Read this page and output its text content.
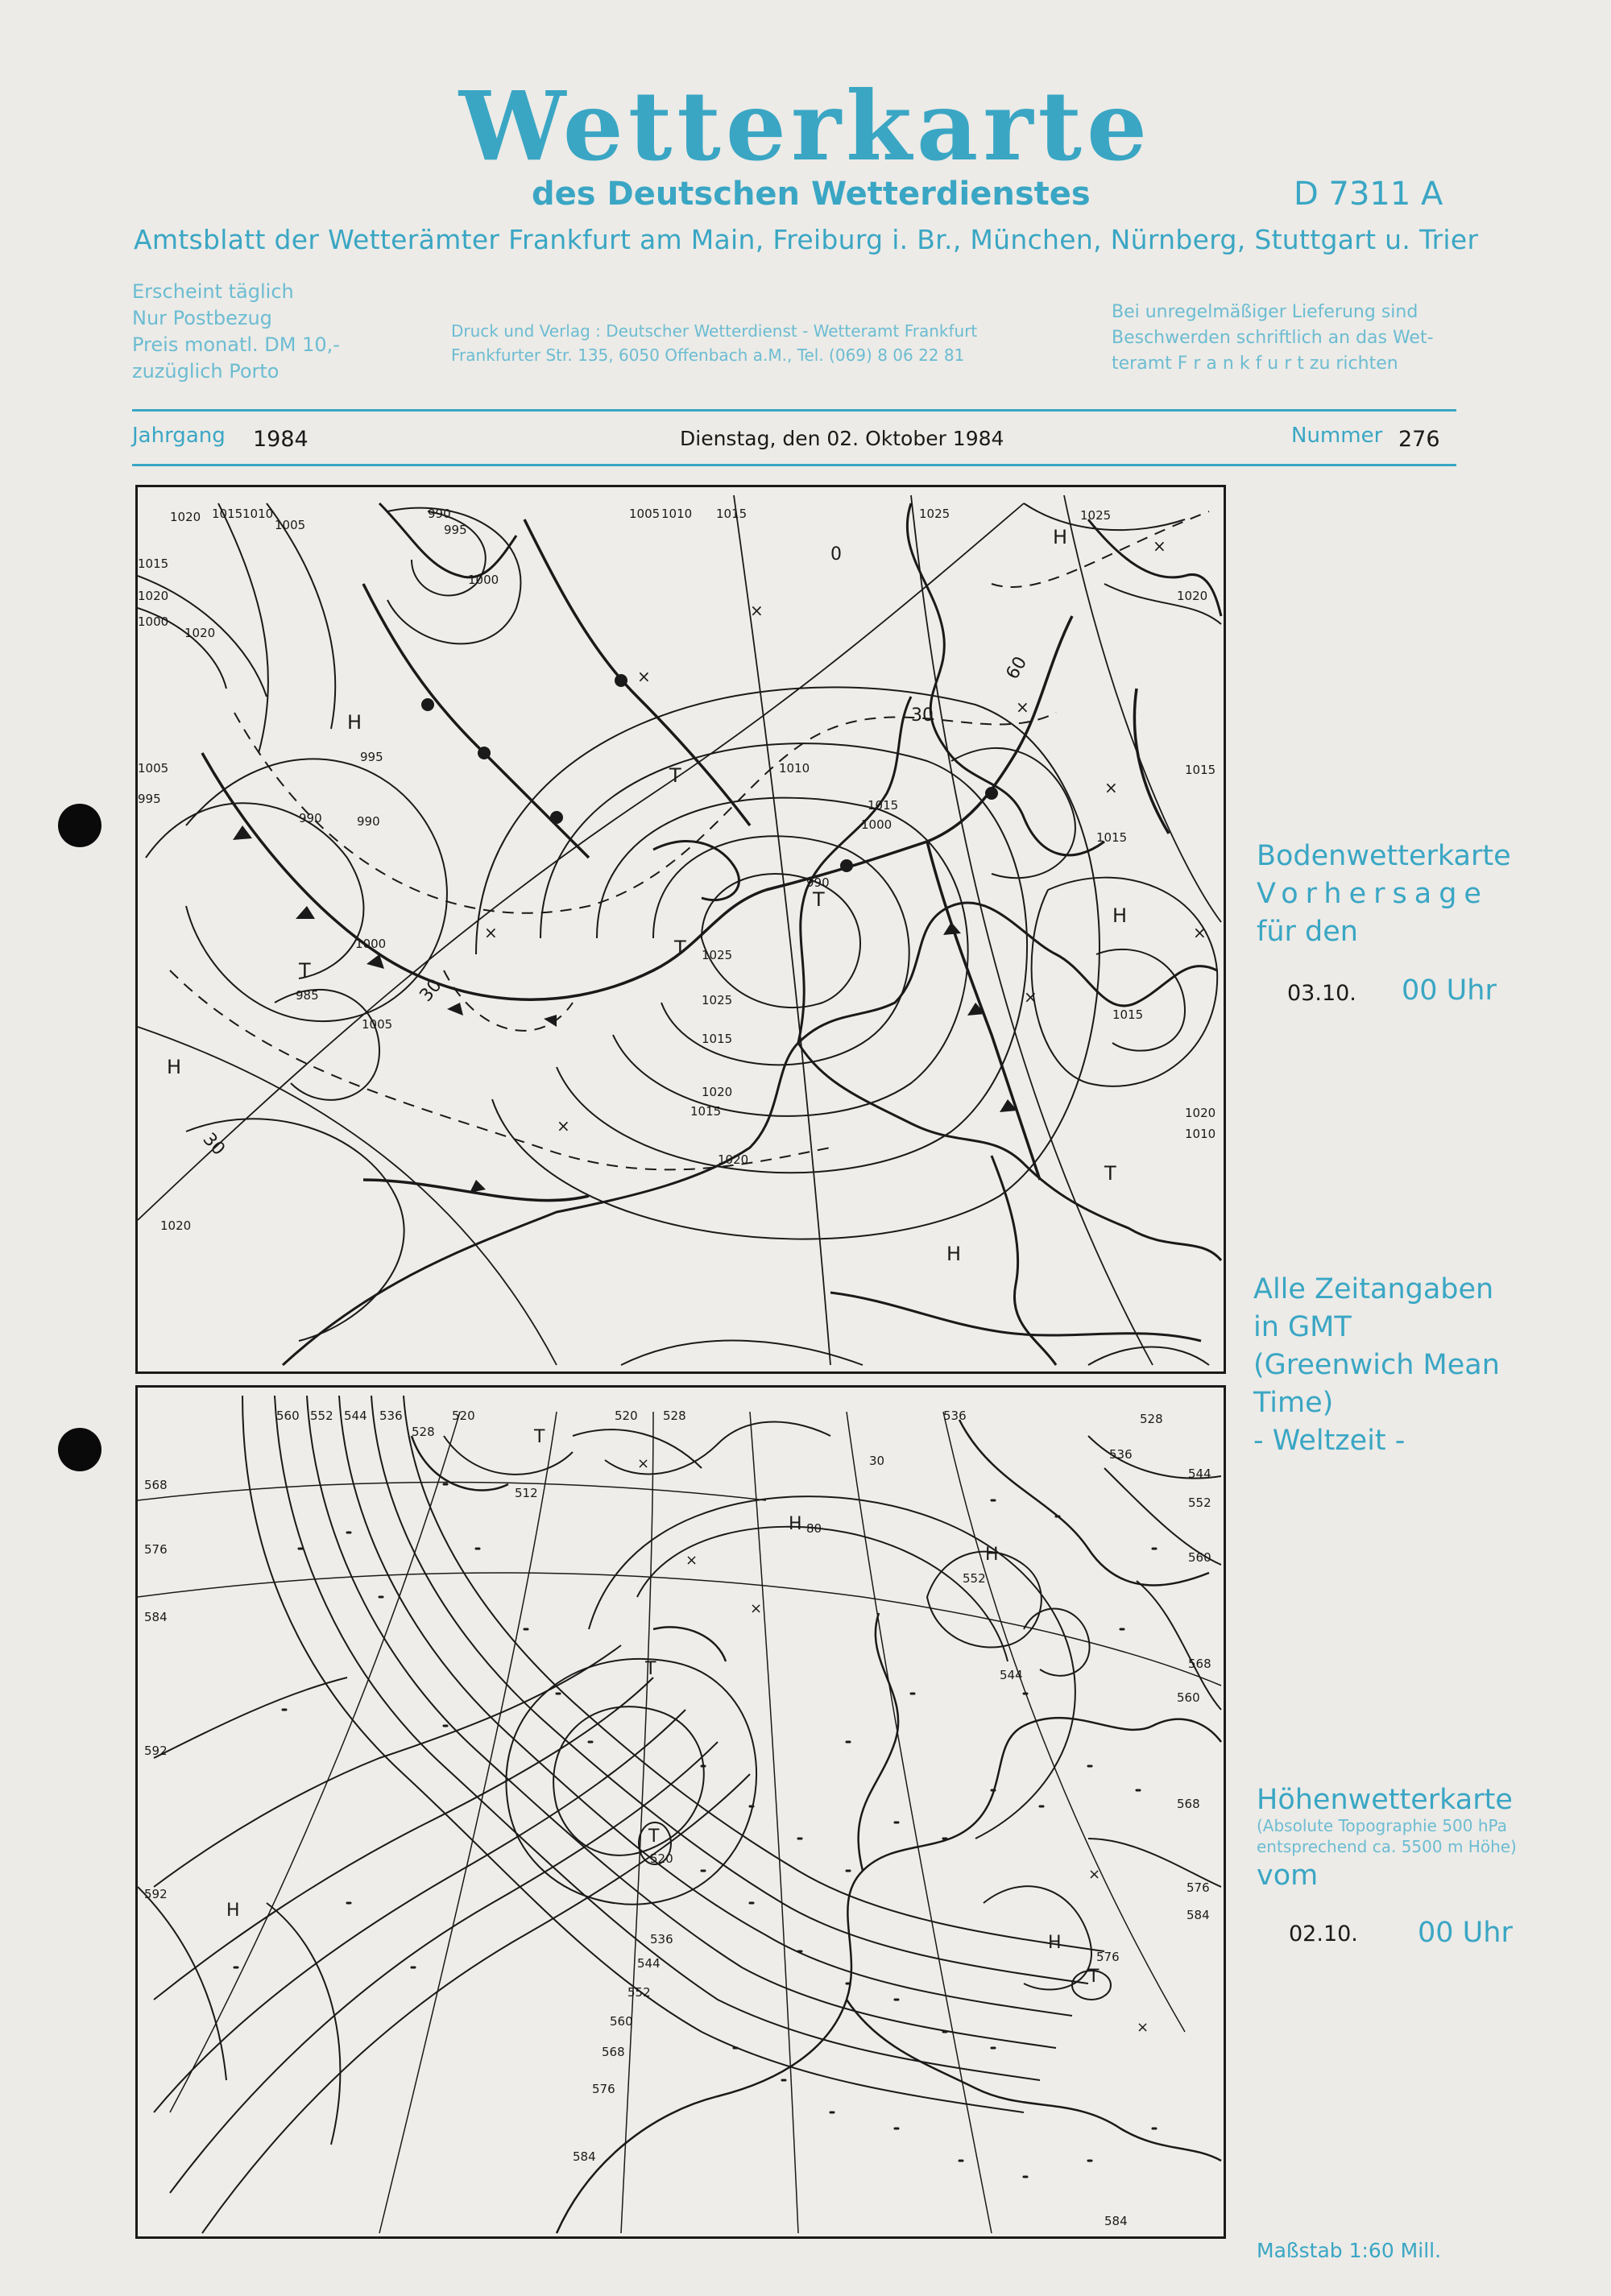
Wetterkarte
des Deutschen Wetterdienstes	D 7311 A
Amtsblatt der Wetterämter Frankfurt am Main, Freiburg i. Br., München, Nürnberg, Stuttgart u. Trier
Erscheint täglich
Nur Postbezug
Preis monatl. DM 10,-
zuzüglich Porto
Druck und Verlag : Deutscher Wetterdienst - Wetteramt Frankfurt
Frankfurter Str. 135, 6050 Offenbach a.M., Tel. (069) 8 06 22 81
Bei unregelmäßiger Lieferung sind
Beschwerden schriftlich an das Wet-
teramt F r a n k f u r t zu richten
Jahrgang 1984	Dienstag, den 02. Oktober 1984	Nummer 276
1020 1015 1010
1005	995
990
1000
1005 1010 1015	1025	1025
1020
1015
1020
1010
1020
1015
1020
1000
1005
995
990	990
985
995
1000
1005
1025
1025
1020
1015
1015
1020
1015
1015
1010
1015
1000
990
1020
30
30
60
30
0
T
T
T
T
T
H
H
H
H
H
×
×
×
×
×
×
×
×
×
560 552 544 536
528
520	520 528	536	528
536
544
552
560
568
576
584
592
592
512
568
576
584
552
544
520
536
544
552
560
568
576
584
584
576
568
560
80
30
T
T
T
T
H
H
H
H
×
×
×
×
×
Bodenwetterkarte
Vorhersage
für den
03.10. 00 Uhr
Alle Zeitangaben
in GMT
(Greenwich Mean
Time)
- Weltzeit -
Höhenwetterkarte
(Absolute Topographie 500 hPa
entsprechend ca. 5500 m Höhe)
vom
02.10. 00 Uhr
Maßstab 1:60 Mill.
